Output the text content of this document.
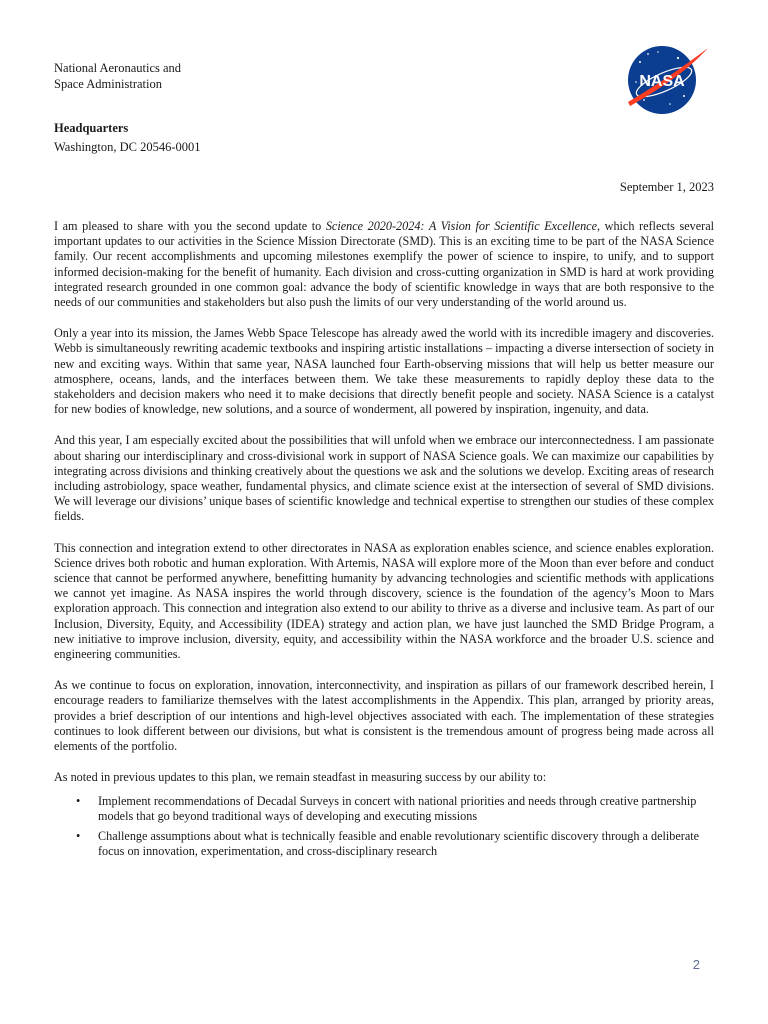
National Aeronautics and
Space Administration
Headquarters
Washington, DC 20546-0001
NASA
September 1, 2023

I am pleased to share with you the second update to Science 2020-2024: A Vision for Scientific Excellence, which reflects several important updates to our activities in the Science Mission Directorate (SMD). This is an exciting time to be part of the NASA Science family. Our recent accomplishments and upcoming milestones exemplify the power of science to inspire, to unify, and to support informed decision-making for the benefit of humanity. Each division and cross-cutting organization in SMD is hard at work providing integrated research grounded in one common goal: advance the body of scientific knowledge in ways that are both responsive to the needs of our communities and stakeholders but also push the limits of our very understanding of the world around us.

Only a year into its mission, the James Webb Space Telescope has already awed the world with its incredible imagery and discoveries. Webb is simultaneously rewriting academic textbooks and inspiring artistic installations – impacting a diverse intersection of society in new and exciting ways. Within that same year, NASA launched four Earth-observing missions that will help us better measure our atmosphere, oceans, lands, and the interfaces between them. We take these measurements to rapidly deploy these data to the stakeholders and decision makers who need it to make decisions that directly benefit people and society. NASA Science is a catalyst for new bodies of knowledge, new solutions, and a source of wonderment, all powered by inspiration, ingenuity, and data.

And this year, I am especially excited about the possibilities that will unfold when we embrace our interconnectedness. I am passionate about sharing our interdisciplinary and cross-divisional work in support of NASA Science goals. We can maximize our capabilities by integrating across divisions and thinking creatively about the questions we ask and the solutions we develop. Exciting areas of research including astrobiology, space weather, fundamental physics, and climate science exist at the intersection of several of SMD divisions. We will leverage our divisions’ unique bases of scientific knowledge and technical expertise to strengthen our studies of these complex fields.

This connection and integration extend to other directorates in NASA as exploration enables science, and science enables exploration. Science drives both robotic and human exploration. With Artemis, NASA will explore more of the Moon than ever before and conduct science that cannot be performed anywhere, benefitting humanity by advancing technologies and scientific methods with applications we cannot yet imagine. As NASA inspires the world through discovery, science is the foundation of the agency’s Moon to Mars exploration approach. This connection and integration also extend to our ability to thrive as a diverse and inclusive team. As part of our Inclusion, Diversity, Equity, and Accessibility (IDEA) strategy and action plan, we have just launched the SMD Bridge Program, a new initiative to improve inclusion, diversity, equity, and accessibility within the NASA workforce and the broader U.S. science and engineering communities.

As we continue to focus on exploration, innovation, interconnectivity, and inspiration as pillars of our framework described herein, I encourage readers to familiarize themselves with the latest accomplishments in the Appendix. This plan, arranged by priority areas, provides a brief description of our intentions and high-level objectives associated with each. The implementation of these strategies continues to look different between our divisions, but what is consistent is the tremendous amount of progress being made across all elements of the portfolio.

As noted in previous updates to this plan, we remain steadfast in measuring success by our ability to:

• Implement recommendations of Decadal Surveys in concert with national priorities and needs through creative partnership models that go beyond traditional ways of developing and executing missions
• Challenge assumptions about what is technically feasible and enable revolutionary scientific discovery through a deliberate focus on innovation, experimentation, and cross-disciplinary research
2
